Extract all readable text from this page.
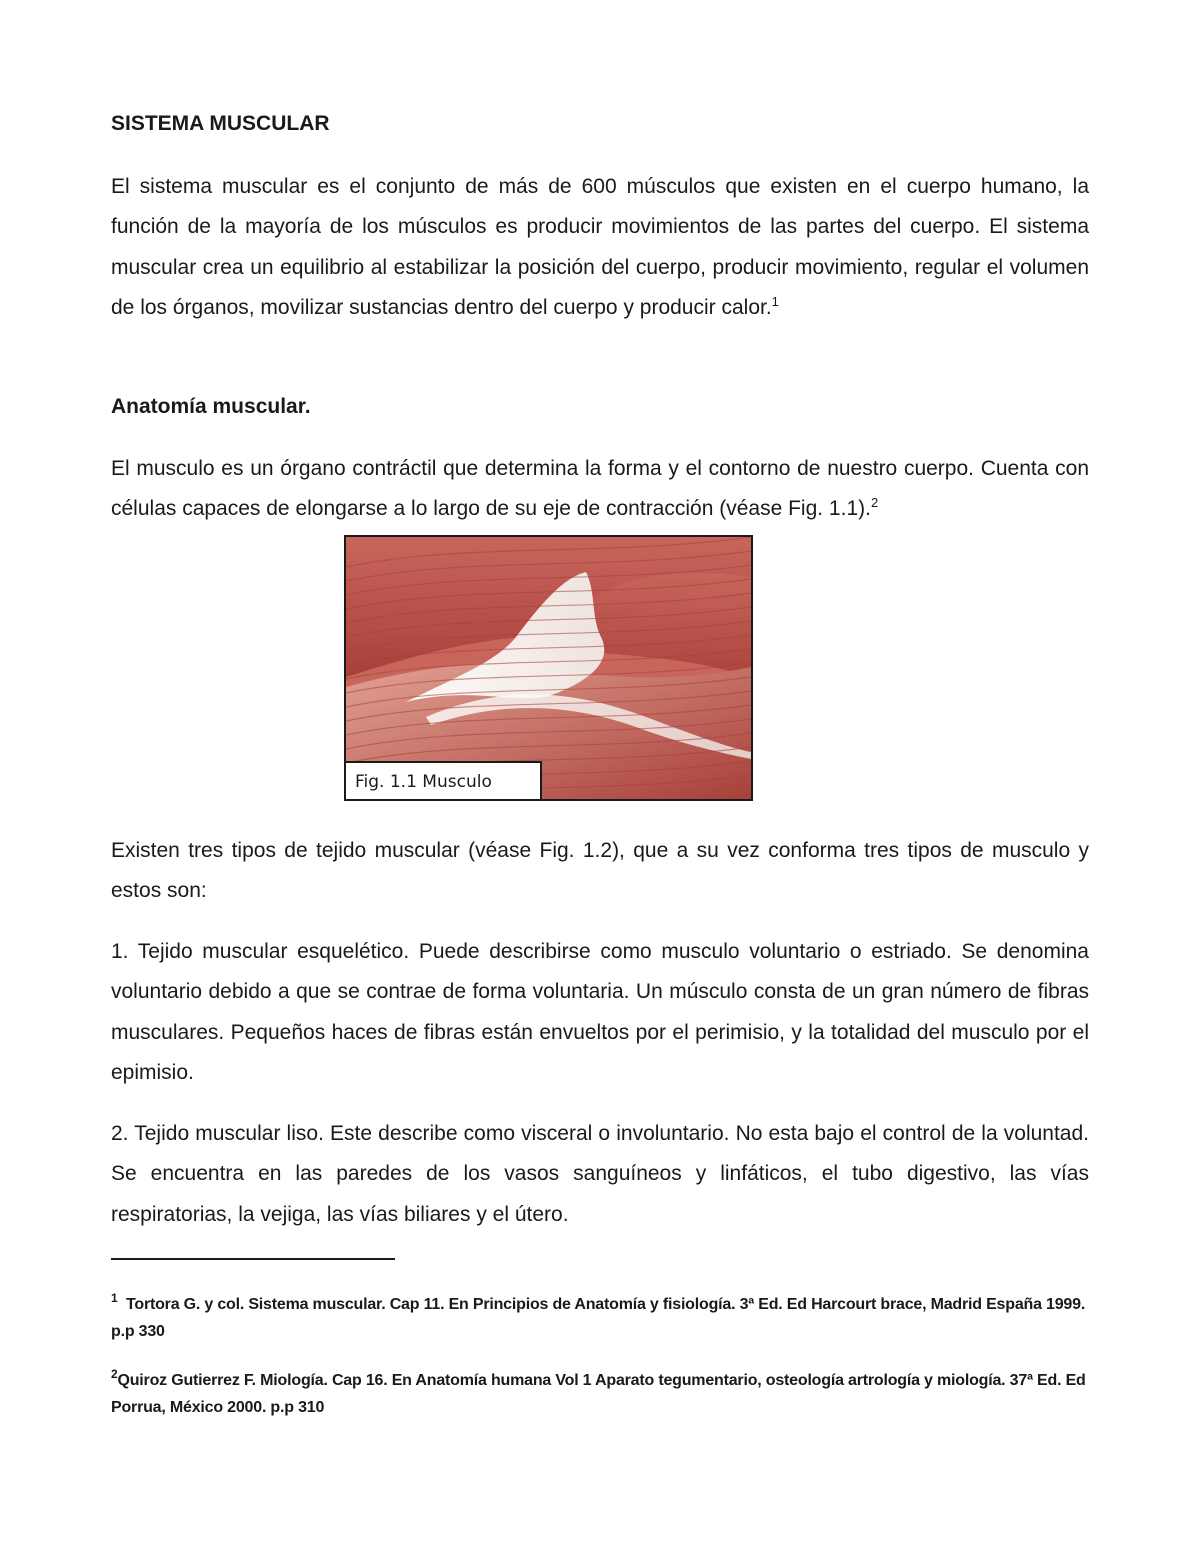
SISTEMA MUSCULAR

El sistema muscular es el conjunto de más de 600 músculos que existen en el cuerpo humano, la función de la mayoría de los músculos es producir movimientos de las partes del cuerpo. El sistema muscular crea un equilibrio al estabilizar la posición del cuerpo, producir movimiento, regular el volumen de los órganos, movilizar sustancias dentro del cuerpo y producir calor.$^1$

Anatomía muscular.

El musculo es un órgano contráctil que determina la forma y el contorno de nuestro cuerpo. Cuenta con células capaces de elongarse a lo largo de su eje de contracción (véase Fig. 1.1).$^2$

Fig. 1.1 Musculo

Existen tres tipos de tejido muscular (véase Fig. 1.2), que a su vez conforma tres tipos de musculo y estos son:

1. Tejido muscular esquelético. Puede describirse como musculo voluntario o estriado. Se denomina voluntario debido a que se contrae de forma voluntaria. Un músculo consta de un gran número de fibras musculares. Pequeños haces de fibras están envueltos por el perimisio, y la totalidad del musculo por el epimisio.

2. Tejido muscular liso. Este describe como visceral o involuntario. No esta bajo el control de la voluntad. Se encuentra en las paredes de los vasos sanguíneos y linfáticos, el tubo digestivo, las vías respiratorias, la vejiga, las vías biliares y el útero.

$^1$ Tortora G. y col. Sistema muscular. Cap 11. En Principios de Anatomía y fisiología. 3ª Ed. Ed Harcourt brace, Madrid España 1999. p.p 330

$^2$Quiroz Gutierrez F. Miología. Cap 16. En Anatomía humana Vol 1 Aparato tegumentario, osteología artrología y miología. 37ª Ed. Ed Porrua, México 2000. p.p 310
